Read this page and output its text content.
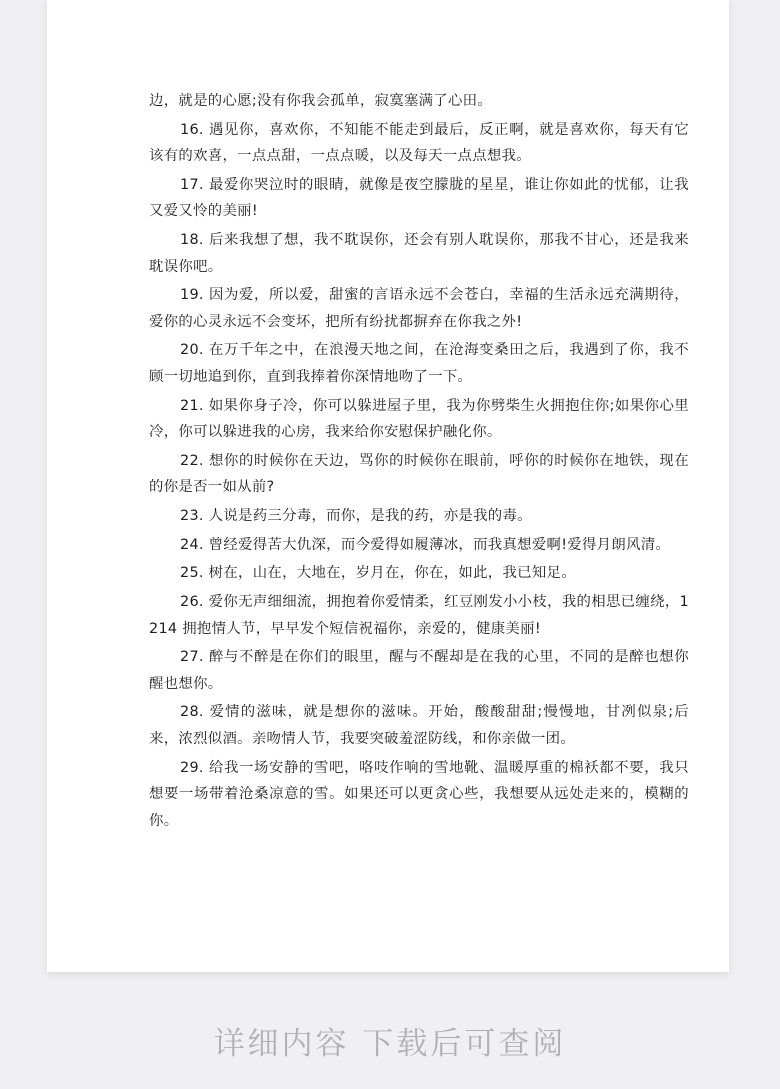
边，就是的心愿;没有你我会孤单，寂寞塞满了心田。

16. 遇见你，喜欢你，不知能不能走到最后，反正啊，就是喜欢你，每天有它该有的欢喜，一点点甜，一点点暖，以及每天一点点想我。

17. 最爱你哭泣时的眼睛，就像是夜空朦胧的星星，谁让你如此的忧郁，让我又爱又怜的美丽!

18. 后来我想了想，我不耽误你，还会有别人耽误你，那我不甘心，还是我来耽误你吧。

19. 因为爱，所以爱，甜蜜的言语永远不会苍白，幸福的生活永远充满期待，爱你的心灵永远不会变坏，把所有纷扰都摒弃在你我之外!

20. 在万千年之中，在浪漫天地之间，在沧海变桑田之后，我遇到了你，我不顾一切地追到你，直到我捧着你深情地吻了一下。

21. 如果你身子冷，你可以躲进屋子里，我为你劈柴生火拥抱住你;如果你心里冷，你可以躲进我的心房，我来给你安慰保护融化你。

22. 想你的时候你在天边，骂你的时候你在眼前，呼你的时候你在地铁，现在的你是否一如从前?

23. 人说是药三分毒，而你，是我的药，亦是我的毒。

24. 曾经爱得苦大仇深，而今爱得如履薄冰，而我真想爱啊!爱得月朗风清。

25. 树在，山在，大地在，岁月在，你在，如此，我已知足。

26. 爱你无声细细流，拥抱着你爱情柔，红豆刚发小小枝，我的相思已缠绕，1214 拥抱情人节，早早发个短信祝福你，亲爱的，健康美丽!

27. 醉与不醉是在你们的眼里，醒与不醒却是在我的心里，不同的是醉也想你醒也想你。

28. 爱情的滋味，就是想你的滋味。开始，酸酸甜甜;慢慢地，甘冽似泉;后来，浓烈似酒。亲吻情人节，我要突破羞涩防线，和你亲做一团。

29. 给我一场安静的雪吧，咯吱作响的雪地靴、温暖厚重的棉袄都不要，我只想要一场带着沧桑凉意的雪。如果还可以更贪心些，我想要从远处走来的，模糊的你。

详细内容 下载后可查阅
